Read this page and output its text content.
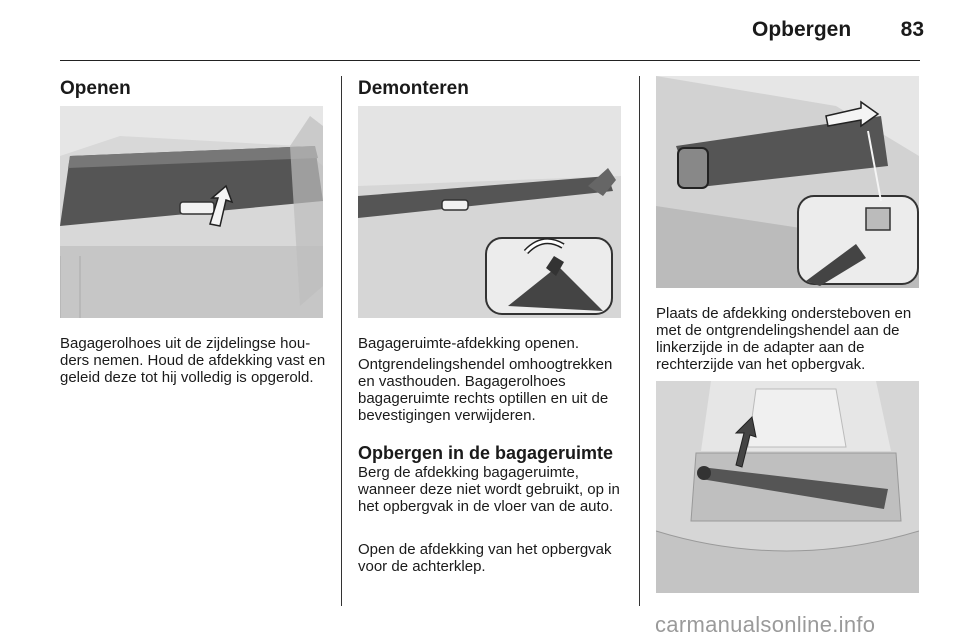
Opbergen	83
Openen

Bagagerolhoes uit de zijdelingse houders nemen. Houd de afdekking vast en geleid deze tot hij volledig is opgerold.

Demonteren

Bagageruimte-afdekking openen.

Ontgrendelingshendel omhoogtrekken en vasthouden. Bagagerolhoes bagageruimte rechts optillen en uit de bevestigingen verwijderen.

Opbergen in de bagageruimte

Berg de afdekking bagageruimte, wanneer deze niet wordt gebruikt, op in het opbergvak in de vloer van de auto.

Open de afdekking van het opbergvak voor de achterklep.

Plaats de afdekking ondersteboven en met de ontgrendelingshendel aan de linkerzijde in de adapter aan de rechterzijde van het opbergvak.

carmanualsonline.info
